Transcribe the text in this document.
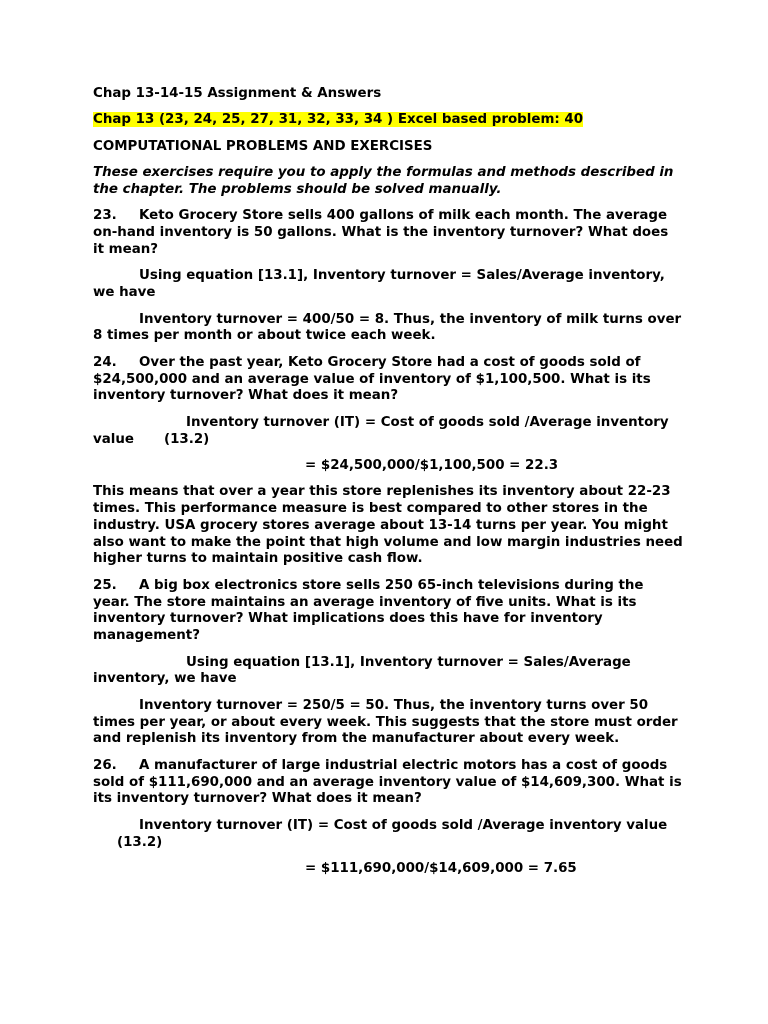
Chap 13-14-15 Assignment & Answers

Chap 13 (23, 24, 25, 27, 31, 32, 33, 34 ) Excel based problem: 40

COMPUTATIONAL PROBLEMS AND EXERCISES

These exercises require you to apply the formulas and methods described in the chapter. The problems should be solved manually.

23. Keto Grocery Store sells 400 gallons of milk each month. The average on-hand inventory is 50 gallons. What is the inventory turnover? What does it mean?

Using equation [13.1], Inventory turnover = Sales/Average inventory, we have

Inventory turnover = 400/50 = 8. Thus, the inventory of milk turns over 8 times per month or about twice each week.

24. Over the past year, Keto Grocery Store had a cost of goods sold of $24,500,000 and an average value of inventory of $1,100,500. What is its inventory turnover? What does it mean?

Inventory turnover (IT) = Cost of goods sold /Average inventory value (13.2)

= $24,500,000/$1,100,500 = 22.3

This means that over a year this store replenishes its inventory about 22-23 times. This performance measure is best compared to other stores in the industry. USA grocery stores average about 13-14 turns per year. You might also want to make the point that high volume and low margin industries need higher turns to maintain positive cash flow.

25. A big box electronics store sells 250 65-inch televisions during the year. The store maintains an average inventory of five units. What is its inventory turnover? What implications does this have for inventory management?

Using equation [13.1], Inventory turnover = Sales/Average inventory, we have

Inventory turnover = 250/5 = 50. Thus, the inventory turns over 50 times per year, or about every week. This suggests that the store must order and replenish its inventory from the manufacturer about every week.

26. A manufacturer of large industrial electric motors has a cost of goods sold of $111,690,000 and an average inventory value of $14,609,300. What is its inventory turnover? What does it mean?

Inventory turnover (IT) = Cost of goods sold /Average inventory value(13.2)

= $111,690,000/$14,609,000 = 7.65
